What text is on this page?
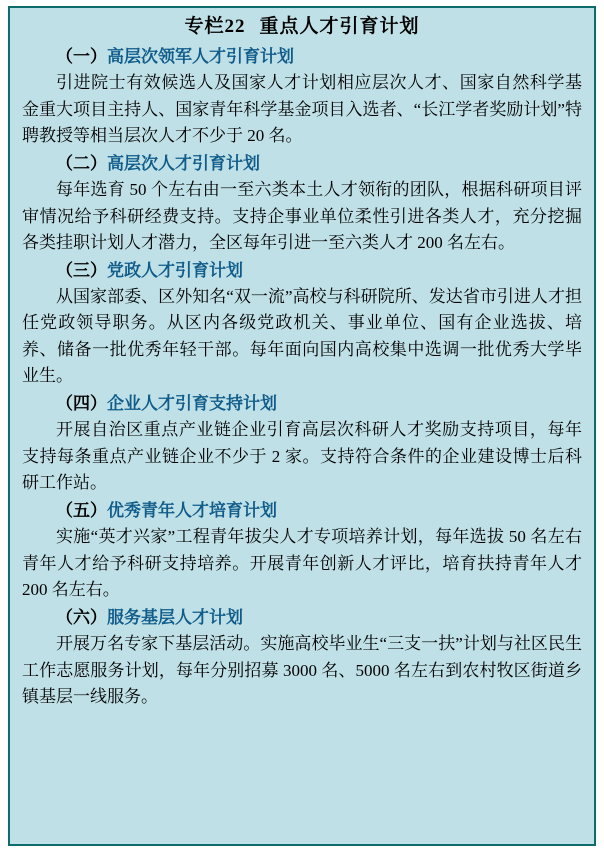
专栏22 重点人才引育计划

（一）高层次领军人才引育计划

引进院士有效候选人及国家人才计划相应层次人才、国家自然科学基金重大项目主持人、国家青年科学基金项目入选者、“长江学者奖励计划”特聘教授等相当层次人才不少于 20 名。

（二）高层次人才引育计划

每年选育 50 个左右由一至六类本土人才领衔的团队，根据科研项目评审情况给予科研经费支持。支持企事业单位柔性引进各类人才，充分挖掘各类挂职计划人才潜力，全区每年引进一至六类人才 200 名左右。

（三）党政人才引育计划

从国家部委、区外知名“双一流”高校与科研院所、发达省市引进人才担任党政领导职务。从区内各级党政机关、事业单位、国有企业选拔、培养、储备一批优秀年轻干部。每年面向国内高校集中选调一批优秀大学毕业生。

（四）企业人才引育支持计划

开展自治区重点产业链企业引育高层次科研人才奖励支持项目，每年支持每条重点产业链企业不少于 2 家。支持符合条件的企业建设博士后科研工作站。

（五）优秀青年人才培育计划

实施“英才兴家”工程青年拔尖人才专项培养计划，每年选拔 50 名左右青年人才给予科研支持培养。开展青年创新人才评比，培育扶持青年人才 200 名左右。

（六）服务基层人才计划

开展万名专家下基层活动。实施高校毕业生“三支一扶”计划与社区民生工作志愿服务计划，每年分别招募 3000 名、5000 名左右到农村牧区街道乡镇基层一线服务。
